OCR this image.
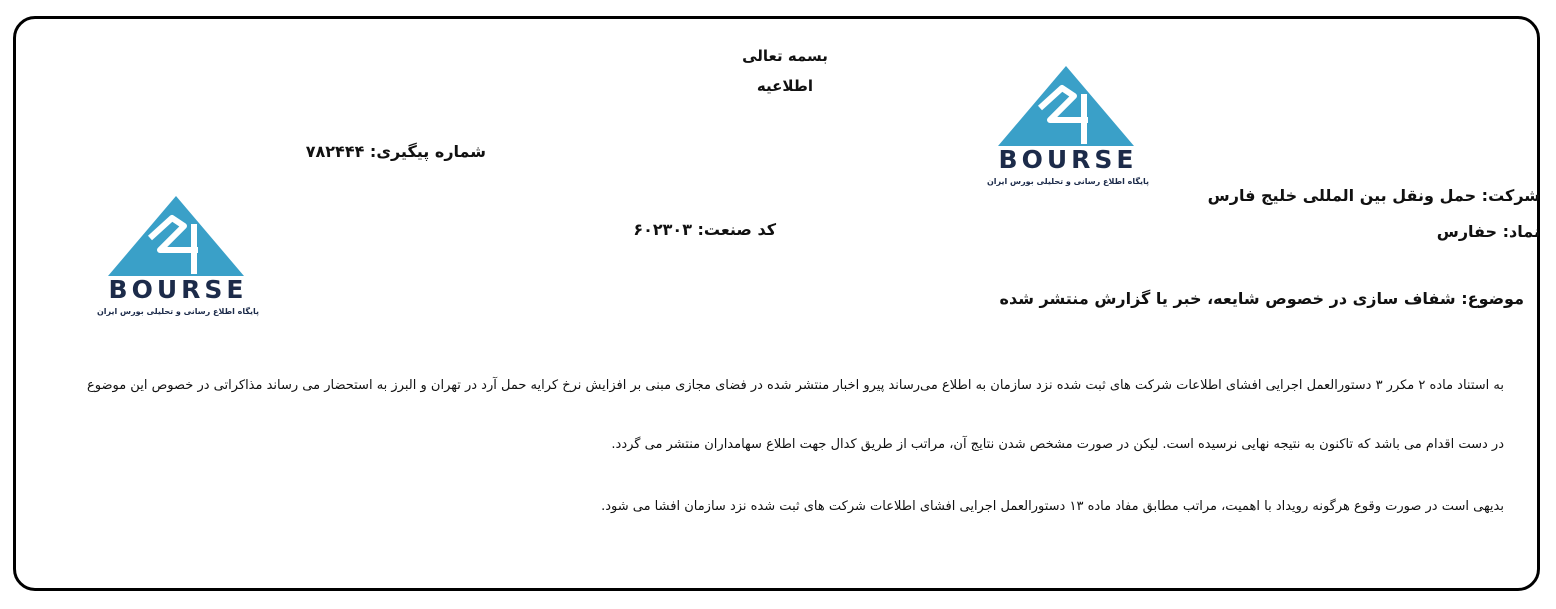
بسمه تعالی
اطلاعیه
شماره پیگیری: ۷۸۲۴۴۴
شرکت: حمل ونقل بین المللی خلیج فارس
نماد: حفارس
کد صنعت: ۶۰۲۳۰۳
موضوع: شفاف سازی در خصوص شایعه، خبر یا گزارش منتشر شده
به استناد ماده ۲ مکرر ۳ دستورالعمل اجرایی افشای اطلاعات شرکت های ثبت شده نزد سازمان به اطلاع می‌رساند پیرو اخبار منتشر شده در فضای مجازی مبنی بر افزایش نرخ کرایه حمل آرد در تهران و البرز به استحضار می رساند مذاکراتی در خصوص این موضوع
در دست اقدام می باشد که تاکنون به نتیجه نهایی نرسیده است. لیکن در صورت مشخص شدن نتایج آن، مراتب از طریق کدال جهت اطلاع سهامداران منتشر می گردد.
بدیهی است در صورت وقوع هرگونه رویداد با اهمیت، مراتب مطابق مفاد ماده ۱۳ دستورالعمل اجرایی افشای اطلاعات شرکت های ثبت شده نزد سازمان افشا می شود.
BOURSE
پایگاه اطلاع رسانی و تحلیلی بورس ایران
BOURSE
پایگاه اطلاع رسانی و تحلیلی بورس ایران
